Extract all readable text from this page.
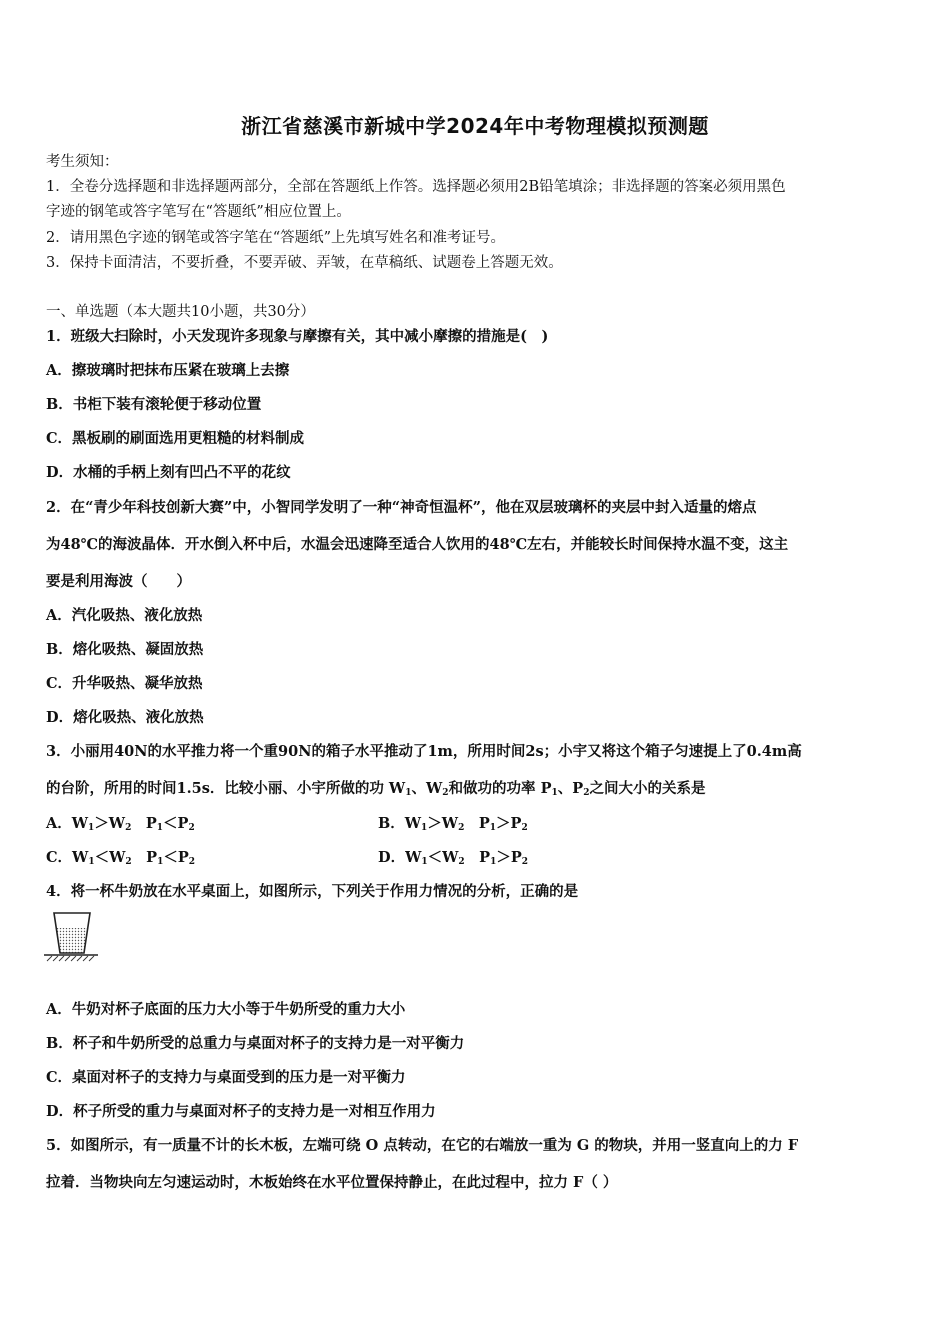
浙江省慈溪市新城中学2024年中考物理模拟预测题
考生须知：
1．全卷分选择题和非选择题两部分，全部在答题纸上作答。选择题必须用2B铅笔填涂；非选择题的答案必须用黑色
字迹的钢笔或答字笔写在“答题纸”相应位置上。
2．请用黑色字迹的钢笔或答字笔在“答题纸”上先填写姓名和准考证号。
3．保持卡面清洁，不要折叠，不要弄破、弄皱，在草稿纸、试题卷上答题无效。
一、单选题（本大题共10小题，共30分）
1．班级大扫除时，小天发现许多现象与摩擦有关，其中减小摩擦的措施是(　)
A．擦玻璃时把抹布压紧在玻璃上去擦
B．书柜下装有滚轮便于移动位置
C．黑板刷的刷面选用更粗糙的材料制成
D．水桶的手柄上刻有凹凸不平的花纹
2．在“青少年科技创新大赛”中，小智同学发明了一种“神奇恒温杯”，他在双层玻璃杯的夹层中封入适量的熔点
为48℃的海波晶体．开水倒入杯中后，水温会迅速降至适合人饮用的48℃左右，并能较长时间保持水温不变，这主
要是利用海波（　　）
A．汽化吸热、液化放热
B．熔化吸热、凝固放热
C．升华吸热、凝华放热
D．熔化吸热、液化放热
3．小丽用40N的水平推力将一个重90N的箱子水平推动了1m，所用时间2s；小宇又将这个箱子匀速提上了0.4m高
的台阶，所用的时间1.5s．比较小丽、小宇所做的功 $W_1$、$W_2$和做功的功率 $P_1$、$P_2$之间大小的关系是
A．$W_1>W_2$　$P_1<P_2$	B．$W_1>W_2$　$P_1>P_2$
C．$W_1<W_2$　$P_1<P_2$	D．$W_1<W_2$　$P_1>P_2$
4．将一杯牛奶放在水平桌面上，如图所示，下列关于作用力情况的分析，正确的是
A．牛奶对杯子底面的压力大小等于牛奶所受的重力大小
B．杯子和牛奶所受的总重力与桌面对杯子的支持力是一对平衡力
C．桌面对杯子的支持力与桌面受到的压力是一对平衡力
D．杯子所受的重力与桌面对杯子的支持力是一对相互作用力
5．如图所示，有一质量不计的长木板，左端可绕 O 点转动，在它的右端放一重为 G 的物块，并用一竖直向上的力 F
拉着．当物块向左匀速运动时，木板始终在水平位置保持静止，在此过程中，拉力 F（ ）
